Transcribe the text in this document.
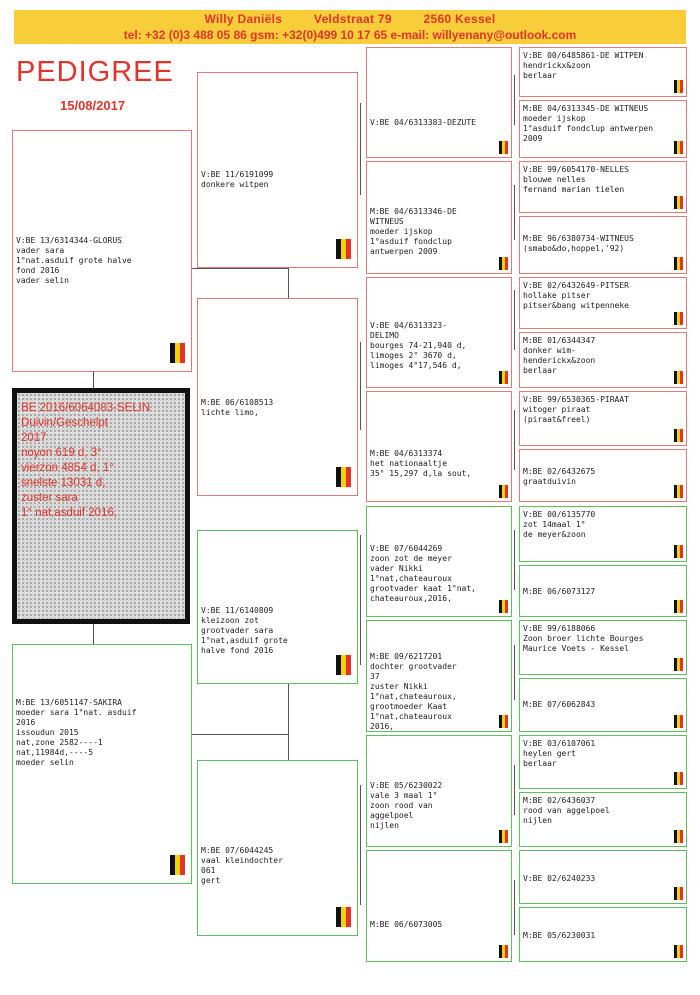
Willy Daniëls	Veldstraat 79	2560 Kessel
tel: +32 (0)3 488 05 86 gsm: +32(0)499 10 17 65 e-mail: willyenany@outlook.com
PEDIGREE
15/08/2017
BE 2016/6064083-SELIN
Duivin/Geschelpt
2017
noyon 619 d, 3°
vierzon 4854 d, 1°
snelste 13031 d,
zuster sara
1° nat,asduif 2016,

V:BE 13/6314344-GLORUS
vader sara
1°nat.asduif grote halve
fond 2016
vader selin

M:BE 13/6051147-SAKIRA
moeder sara 1°nat. asduif
2016
issoudun 2015
nat,zone 2582----1
nat,11984d,----5
moeder selin

V:BE 11/6191099
donkere witpen

M:BE 06/6108513
lichte limo,

V:BE 11/6140809
kleizoon zot
grootvader sara
1°nat,asduif grote
halve fond 2016

M:BE 07/6044245
vaal kleindochter
061
gert

V:BE 04/6313383-DEZUTE

M:BE 04/6313346-DE
WITNEUS
moeder ijskop
1°asduif fondclup
antwerpen 2009

V:BE 04/6313323-
DELIMO
bourges 74-21,940 d,
limoges 2° 3670 d,
limoges 4°17,546 d,

M:BE 04/6313374
het nationaaltje
35° 15,297 d,la sout,

V:BE 07/6044269
zoon zot de meyer
vader Nikki
1°nat,chateauroux
grootvader kaat 1°nat,
chateauroux,2016,

M:BE 09/6217201
dochter grootvader
37
zuster Nikki
1°nat,chateauroux,
grootmoeder Kaat
1°nat,chateauroux
2016,

V:BE 05/6230022
vale 3 maal 1°
zoon rood van
aggelpoel
nijlen

M:BE 06/6073005

V:BE 00/6485861-DE WITPEN
hendrickx&zoon
berlaar
M:BE 04/6313345-DE WITNEUS
moeder ijskop
1°asduif fondclup antwerpen
2009
V:BE 99/6054170-NELLES
blouwe nelles
fernand marian tielen
M:BE 96/6380734-WITNEUS
(smabo&do,hoppel,'92)
V:BE 02/6432649-PITSER
hollake pitser
pitser&bang witpenneke
M:BE 01/6344347
donker wim-
henderickx&zoon
berlaar
V:BE 99/6530365-PIRAAT
witoger piraat
(piraat&freel)
M:BE 02/6432675
graatduivin
V:BE 00/6135770
zot 14maal 1°
de meyer&zoon
M:BE 06/6073127
V:BE 99/6188066
Zoon broer lichte Bourges
Maurice Voets - Kessel
M:BE 07/6062843
V:BE 03/6107061
heylen gert
berlaar
M:BE 02/6436037
rood van aggelpoel
nijlen
V:BE 02/6240233
M:BE 05/6230031
